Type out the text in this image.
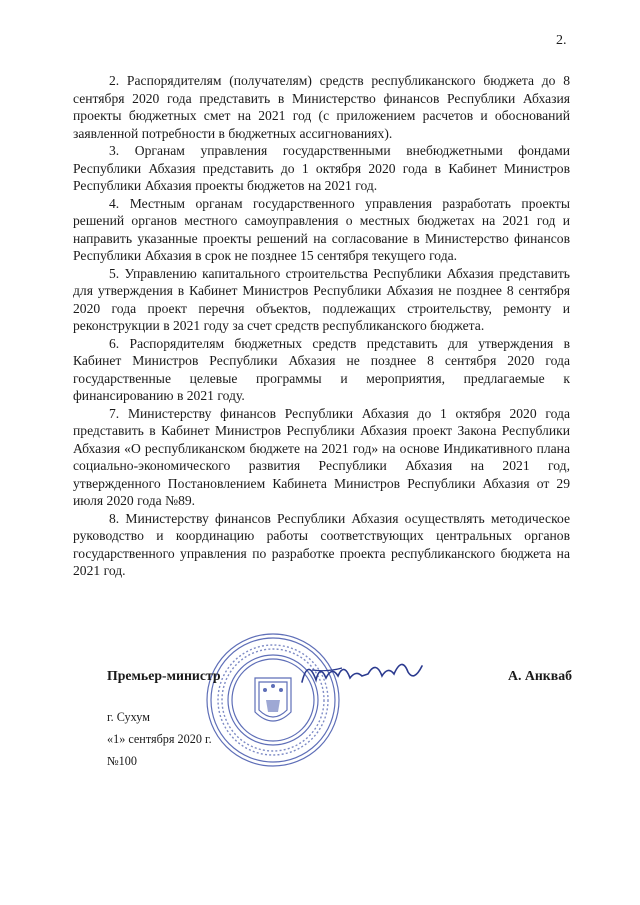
2.

2. Распорядителям (получателям) средств республиканского бюджета до 8 сентября 2020 года представить в Министерство финансов Республики Абхазия проекты бюджетных смет на 2021 год (с приложением расчетов и обоснований заявленной потребности в бюджетных ассигнованиях).

3. Органам управления государственными внебюджетными фондами Республики Абхазия представить до 1 октября 2020 года в Кабинет Министров Республики Абхазия проекты бюджетов на 2021 год.

4. Местным органам государственного управления разработать проекты решений органов местного самоуправления о местных бюджетах на 2021 год и направить указанные проекты решений на согласование в Министерство финансов Республики Абхазия в срок не позднее 15 сентября текущего года.

5. Управлению капитального строительства Республики Абхазия представить для утверждения в Кабинет Министров Республики Абхазия не позднее 8 сентября 2020 года проект перечня объектов, подлежащих строительству, ремонту и реконструкции в 2021 году за счет средств республиканского бюджета.

6. Распорядителям бюджетных средств представить для утверждения в Кабинет Министров Республики Абхазия не позднее 8 сентября 2020 года государственные целевые программы и мероприятия, предлагаемые к финансированию в 2021 году.

7. Министерству финансов Республики Абхазия до 1 октября 2020 года представить в Кабинет Министров Республики Абхазия проект Закона Республики Абхазия «О республиканском бюджете на 2021 год» на основе Индикативного плана социально-экономического развития Республики Абхазия на 2021 год, утвержденного Постановлением Кабинета Министров Республики Абхазия от 29 июля 2020 года №89.

8. Министерству финансов Республики Абхазия осуществлять методическое руководство и координацию работы соответствующих центральных органов государственного управления по разработке проекта республиканского бюджета на 2021 год.

Премьер-министр	А. Анкваб
г. Сухум
«1» сентября 2020 г.
№100
